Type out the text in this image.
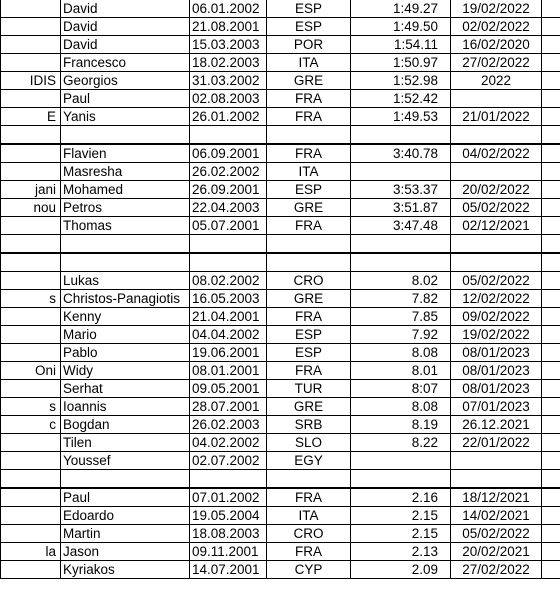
	David	06.01.2002	ESP	1:49.27	19/02/2022	
	David	21.08.2001	ESP	1:49.50	02/02/2022	
	David	15.03.2003	POR	1:54.11	16/02/2020	
	Francesco	18.02.2003	ITA	1:50.97	27/02/2022	
IDIS	Georgios	31.03.2002	GRE	1:52.98	2022	
	Paul	02.08.2003	FRA	1:52.42		
E	Yanis	26.01.2002	FRA	1:49.53	21/01/2022	

	Flavien	06.09.2001	FRA	3:40.78	04/02/2022	
	Masresha	26.02.2002	ITA			
jani	Mohamed	26.09.2001	ESP	3:53.37	20/02/2022	
nou	Petros	22.04.2003	GRE	3:51.87	05/02/2022	
	Thomas	05.07.2001	FRA	3:47.48	02/12/2021	

	Lukas	08.02.2002	CRO	8.02	05/02/2022	
s	Christos-Panagiotis	16.05.2003	GRE	7.82	12/02/2022	
	Kenny	21.04.2001	FRA	7.85	09/02/2022	
	Mario	04.04.2002	ESP	7.92	19/02/2022	
	Pablo	19.06.2001	ESP	8.08	08/01/2023	
Oni	Widy	08.01.2001	FRA	8.01	08/01/2023	
	Serhat	09.05.2001	TUR	8:07	08/01/2023	
s	Ioannis	28.07.2001	GRE	8.08	07/01/2023	
c	Bogdan	26.02.2003	SRB	8.19	26.12.2021	
	Tilen	04.02.2002	SLO	8.22	22/01/2022	
	Youssef	02.07.2002	EGY			

	Paul	07.01.2002	FRA	2.16	18/12/2021	
	Edoardo	19.05.2004	ITA	2.15	14/02/2021	
	Martin	18.08.2003	CRO	2.15	05/02/2022	
la	Jason	09.11.2001	FRA	2.13	20/02/2021	
	Kyriakos	14.07.2001	CYP	2.09	27/02/2022	
